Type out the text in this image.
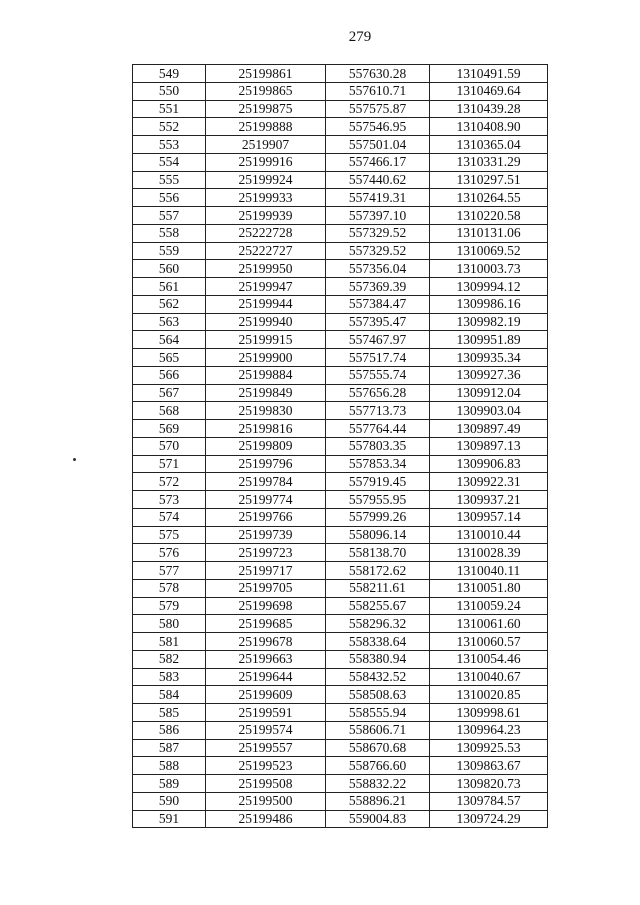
279
549	25199861	557630.28	1310491.59
550	25199865	557610.71	1310469.64
551	25199875	557575.87	1310439.28
552	25199888	557546.95	1310408.90
553	2519907	557501.04	1310365.04
554	25199916	557466.17	1310331.29
555	25199924	557440.62	1310297.51
556	25199933	557419.31	1310264.55
557	25199939	557397.10	1310220.58
558	25222728	557329.52	1310131.06
559	25222727	557329.52	1310069.52
560	25199950	557356.04	1310003.73
561	25199947	557369.39	1309994.12
562	25199944	557384.47	1309986.16
563	25199940	557395.47	1309982.19
564	25199915	557467.97	1309951.89
565	25199900	557517.74	1309935.34
566	25199884	557555.74	1309927.36
567	25199849	557656.28	1309912.04
568	25199830	557713.73	1309903.04
569	25199816	557764.44	1309897.49
570	25199809	557803.35	1309897.13
571	25199796	557853.34	1309906.83
572	25199784	557919.45	1309922.31
573	25199774	557955.95	1309937.21
574	25199766	557999.26	1309957.14
575	25199739	558096.14	1310010.44
576	25199723	558138.70	1310028.39
577	25199717	558172.62	1310040.11
578	25199705	558211.61	1310051.80
579	25199698	558255.67	1310059.24
580	25199685	558296.32	1310061.60
581	25199678	558338.64	1310060.57
582	25199663	558380.94	1310054.46
583	25199644	558432.52	1310040.67
584	25199609	558508.63	1310020.85
585	25199591	558555.94	1309998.61
586	25199574	558606.71	1309964.23
587	25199557	558670.68	1309925.53
588	25199523	558766.60	1309863.67
589	25199508	558832.22	1309820.73
590	25199500	558896.21	1309784.57
591	25199486	559004.83	1309724.29
